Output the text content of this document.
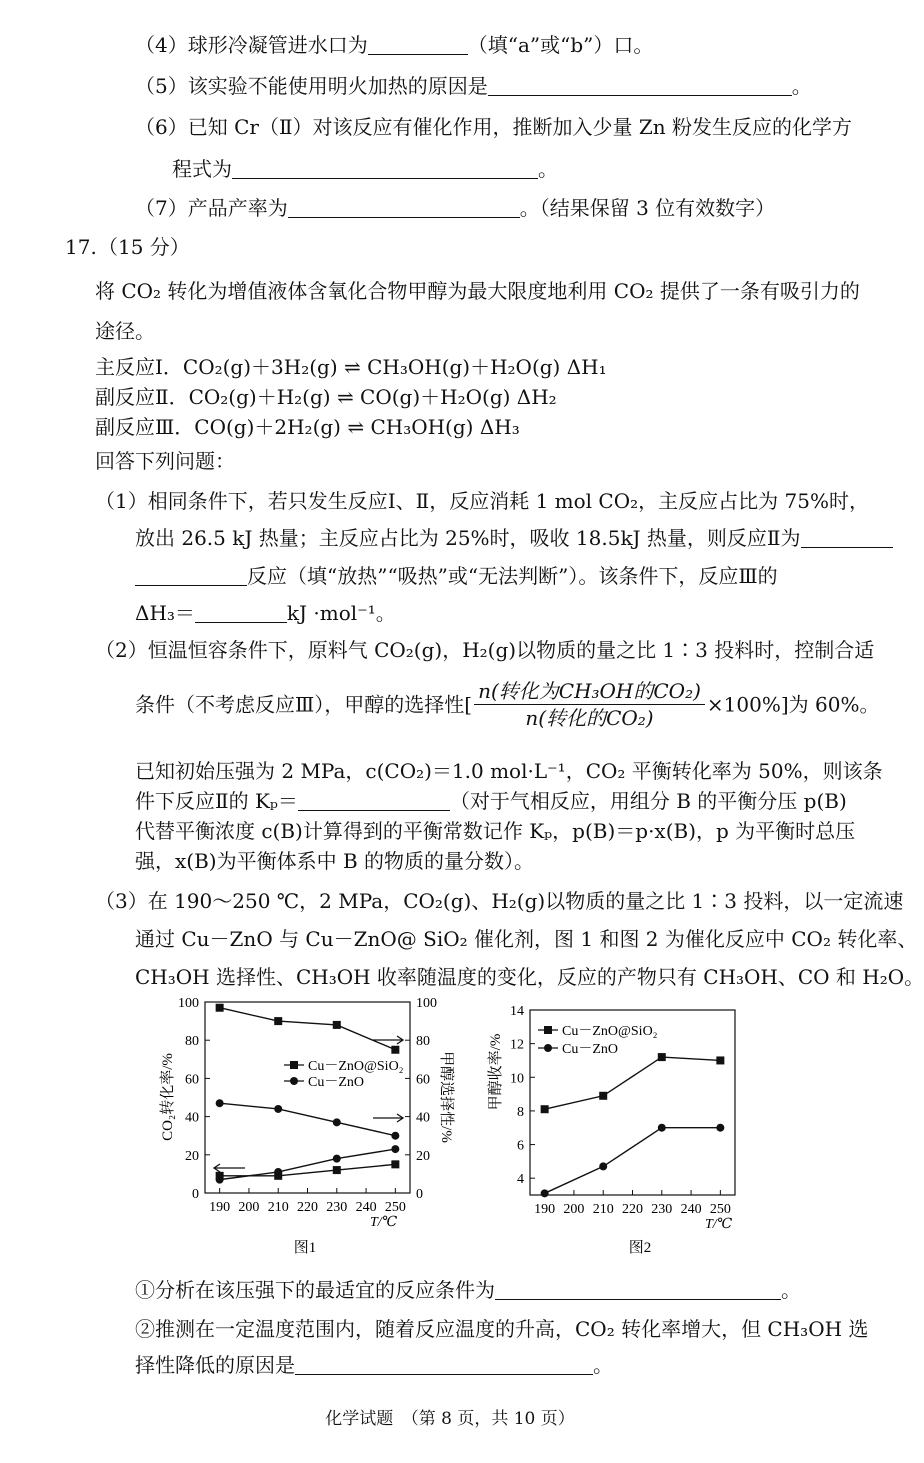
（4）球形冷凝管进水口为	（填“a”或“b”）口。
（5）该实验不能使用明火加热的原因是	。
（6）已知 Cr（Ⅱ）对该反应有催化作用，推断加入少量 Zn 粉发生反应的化学方
程式为	。
（7）产品产率为	。（结果保留 3 位有效数字）
17. （15 分）
将 CO₂ 转化为增值液体含氧化合物甲醇为最大限度地利用 CO₂ 提供了一条有吸引力的
途径。
主反应Ⅰ．CO₂(g)＋3H₂(g) ⇌ CH₃OH(g)＋H₂O(g) ΔH₁
副反应Ⅱ．CO₂(g)＋H₂(g) ⇌ CO(g)＋H₂O(g) ΔH₂
副反应Ⅲ．CO(g)＋2H₂(g) ⇌ CH₃OH(g) ΔH₃
回答下列问题：
（1）相同条件下，若只发生反应Ⅰ、Ⅱ，反应消耗 1 mol CO₂，主反应占比为 75%时，
放出 26.5 kJ 热量；主反应占比为 25%时，吸收 18.5kJ 热量，则反应Ⅱ为
反应（填“放热”“吸热”或“无法判断”）。该条件下，反应Ⅲ的
ΔH₃＝	kJ ·mol⁻¹。
（2）恒温恒容条件下，原料气 CO₂(g)，H₂(g)以物质的量之比 1∶3 投料时，控制合适
条件（不考虑反应Ⅲ），甲醇的选择性[ $\frac{\text{n(转化为CH₃OH的CO₂)}}{\text{n(转化的CO₂)}} \times 100\%$]为 60%。
已知初始压强为 2 MPa，c(CO₂)＝1.0 mol·L⁻¹，CO₂ 平衡转化率为 50%，则该条
件下反应Ⅱ的 Kₚ＝	（对于气相反应，用组分 B 的平衡分压 p(B)
代替平衡浓度 c(B)计算得到的平衡常数记作 Kₚ，p(B)＝p·x(B)，p 为平衡时总压
强，x(B)为平衡体系中 B 的物质的量分数）。
（3）在 190～250 ℃，2 MPa，CO₂(g)、H₂(g)以物质的量之比 1∶3 投料，以一定流速
通过 Cu－ZnO 与 Cu－ZnO@ SiO₂ 催化剂，图 1 和图 2 为催化反应中 CO₂ 转化率、
CH₃OH 选择性、CH₃OH 收率随温度的变化，反应的产物只有 CH₃OH、CO 和 H₂O。
CO₂转化率/%	甲醇选择性/%
190 200 210 220 230 240 250
0	0
20	20
40	40
60	60
80	80
100	100
Cu－ZnO@SiO₂
Cu－ZnO
T/℃
图1
甲醇收率/%
190 200 210 220 230 240 250
4
6
8
10
12
14
Cu－ZnO@SiO₂
Cu－ZnO
T/℃
图2
①分析在该压强下的最适宜的反应条件为	。
②推测在一定温度范围内，随着反应温度的升高，CO₂ 转化率增大，但 CH₃OH 选
择性降低的原因是	。
化学试题　（第 8 页，共 10 页）
